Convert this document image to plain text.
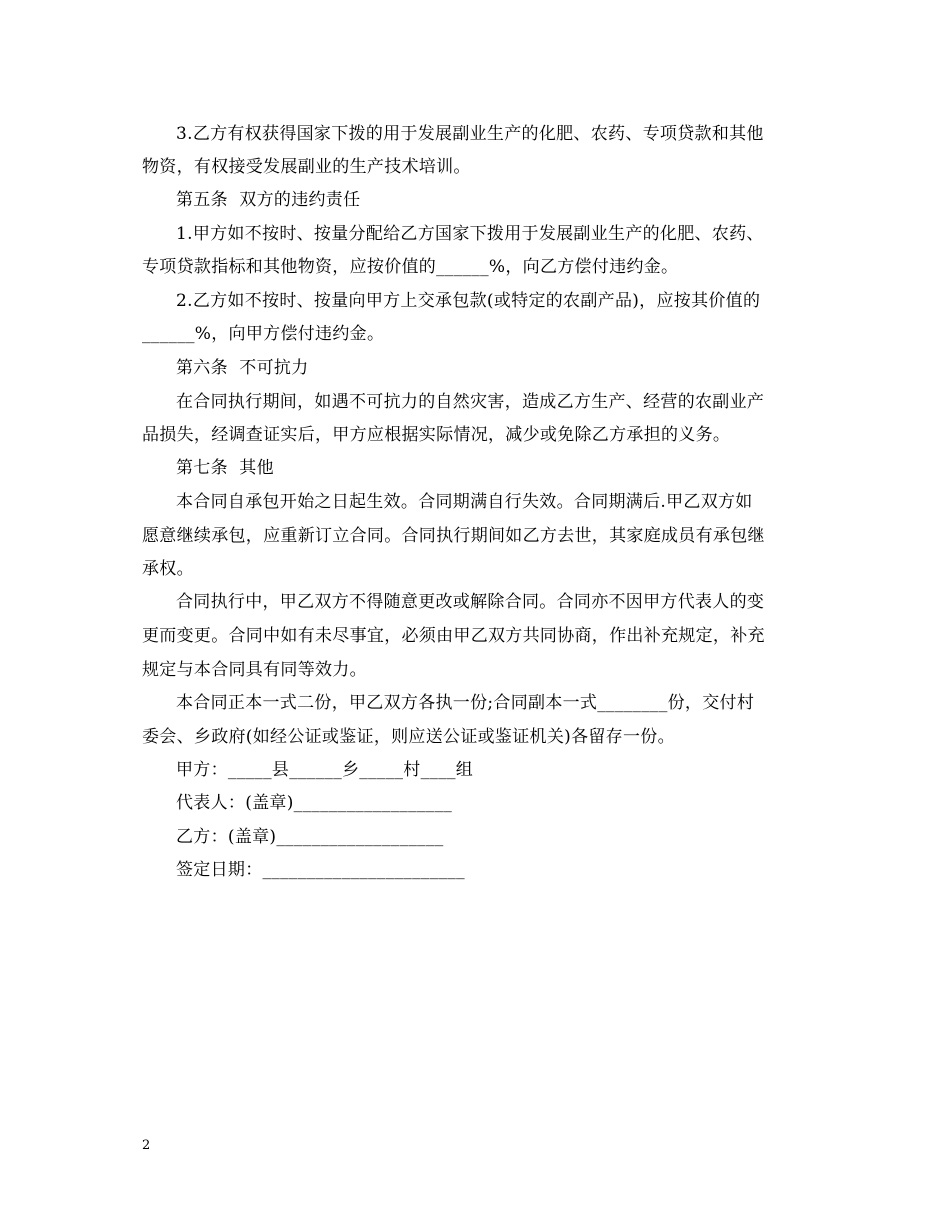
3.乙方有权获得国家下拨的用于发展副业生产的化肥、农药、专项贷款和其他
物资，有权接受发展副业的生产技术培训。
第五条  双方的违约责任
1.甲方如不按时、按量分配给乙方国家下拨用于发展副业生产的化肥、农药、
专项贷款指标和其他物资，应按价值的______%，向乙方偿付违约金。
2.乙方如不按时、按量向甲方上交承包款(或特定的农副产品)，应按其价值的
______%，向甲方偿付违约金。
第六条  不可抗力
在合同执行期间，如遇不可抗力的自然灾害，造成乙方生产、经营的农副业产
品损失，经调查证实后，甲方应根据实际情况，减少或免除乙方承担的义务。
第七条  其他
本合同自承包开始之日起生效。合同期满自行失效。合同期满后.甲乙双方如
愿意继续承包，应重新订立合同。合同执行期间如乙方去世，其家庭成员有承包继
承权。
合同执行中，甲乙双方不得随意更改或解除合同。合同亦不因甲方代表人的变
更而变更。合同中如有未尽事宜，必须由甲乙双方共同协商，作出补充规定，补充
规定与本合同具有同等效力。
本合同正本一式二份，甲乙双方各执一份;合同副本一式________份，交付村
委会、乡政府(如经公证或鉴证，则应送公证或鉴证机关)各留存一份。
甲方：_____县______乡_____村____组
代表人：(盖章)__________________
乙方：(盖章)___________________
签定日期：_______________________
2
